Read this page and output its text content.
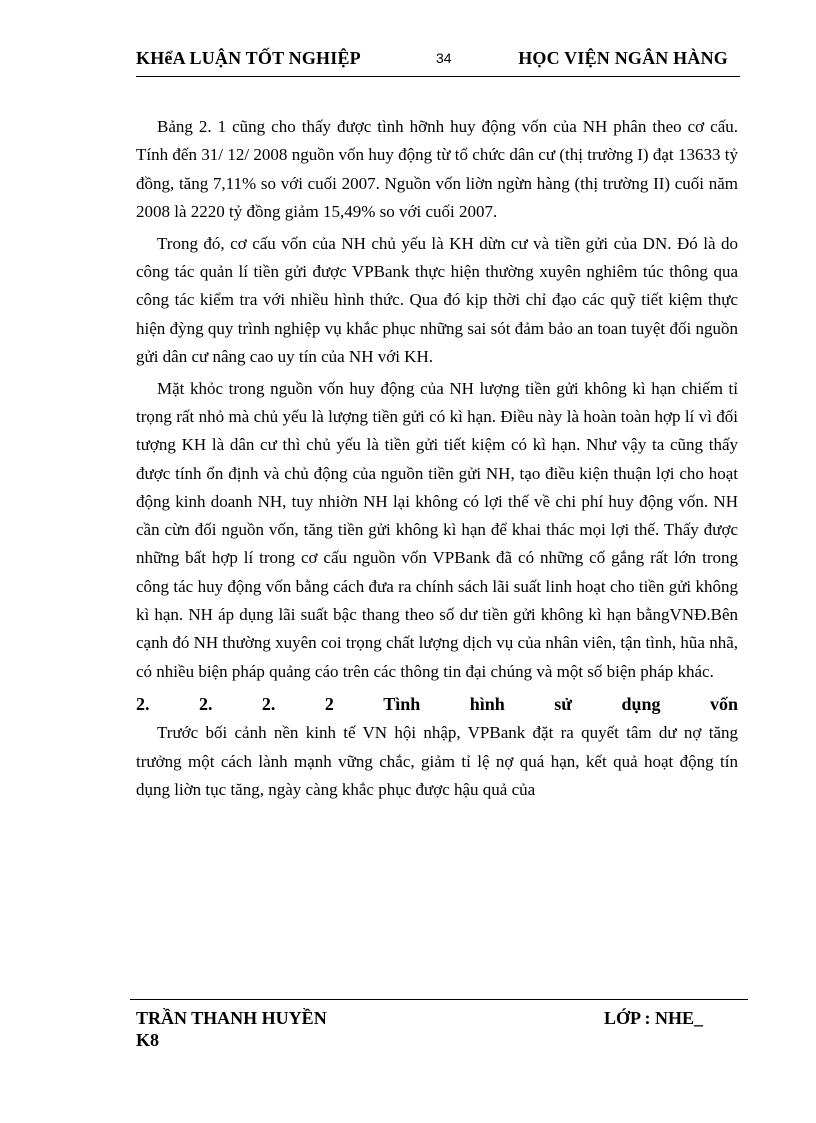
KHểA LUẬN TỐT NGHIỆP	34	HỌC VIỆN NGÂN HÀNG

Bảng 2. 1 cũng cho thấy được tình hỡnh huy động vốn của NH phân theo cơ cấu. Tính đến 31/ 12/ 2008 nguồn vốn huy động từ tổ chức dân cư (thị trường I) đạt 13633 tỷ đồng, tăng 7,11% so với cuối 2007. Nguồn vốn liờn ngừn hàng (thị trường II) cuối năm 2008 là 2220 tỷ đồng giảm 15,49% so với cuối 2007.

Trong đó, cơ cấu vốn của NH chủ yếu là KH dừn cư và tiền gửi của DN. Đó là do công tác quản lí tiền gửi được VPBank thực hiện thường xuyên nghiêm túc thông qua công tác kiểm tra với nhiều hình thức. Qua đó kịp thời chỉ đạo các quỹ tiết kiệm thực hiện đỳng quy trình nghiệp vụ khắc phục những sai sót đảm bảo an toan tuyệt đối nguồn gửi dân cư nâng cao uy tín của NH với KH.

Mặt khỏc trong nguồn vốn huy động của NH lượng tiền gửi không kì hạn chiếm tỉ trọng rất nhỏ mà chủ yếu là lượng tiền gửi có kì hạn. Điều này là hoàn toàn hợp lí vì đối tượng KH là dân cư thì chủ yếu là tiền gửi tiết kiệm có kì hạn. Như vậy ta cũng thấy được tính ổn định và chủ động của nguồn tiền gửi NH, tạo điều kiện thuận lợi cho hoạt động kinh doanh NH, tuy nhiờn NH lại không có lợi thế về chi phí huy động vốn. NH cần cừn đối nguồn vốn, tăng tiền gửi không kì hạn để khai thác mọi lợi thế. Thấy được những bất hợp lí trong cơ cấu nguồn vốn VPBank đã có những cố gắng rất lớn trong công tác huy động vốn bằng cách đưa ra chính sách lãi suất linh hoạt cho tiền gửi không kì hạn. NH áp dụng lãi suất bậc thang theo số dư tiền gửi không kì hạn bằngVNĐ.Bên cạnh đó NH thường xuyên coi trọng chất lượng dịch vụ của nhân viên, tận tình, hũa nhã, có nhiều biện pháp quảng cáo trên các thông tin đại chúng và một số biện pháp khác.

2.	2.	2.	2	Tình	hình	sử	dụng	vốn

Trước bối cảnh nền kinh tế VN hội nhập, VPBank đặt ra quyết tâm dư nợ tăng trưởng một cách lành mạnh vững chắc, giảm tỉ lệ nợ quá hạn, kết quả hoạt động tín dụng liờn tục tăng, ngày càng khắc phục được hậu quả của

TRẦN THANH HUYỀN	LỚP : NHE_
K8
